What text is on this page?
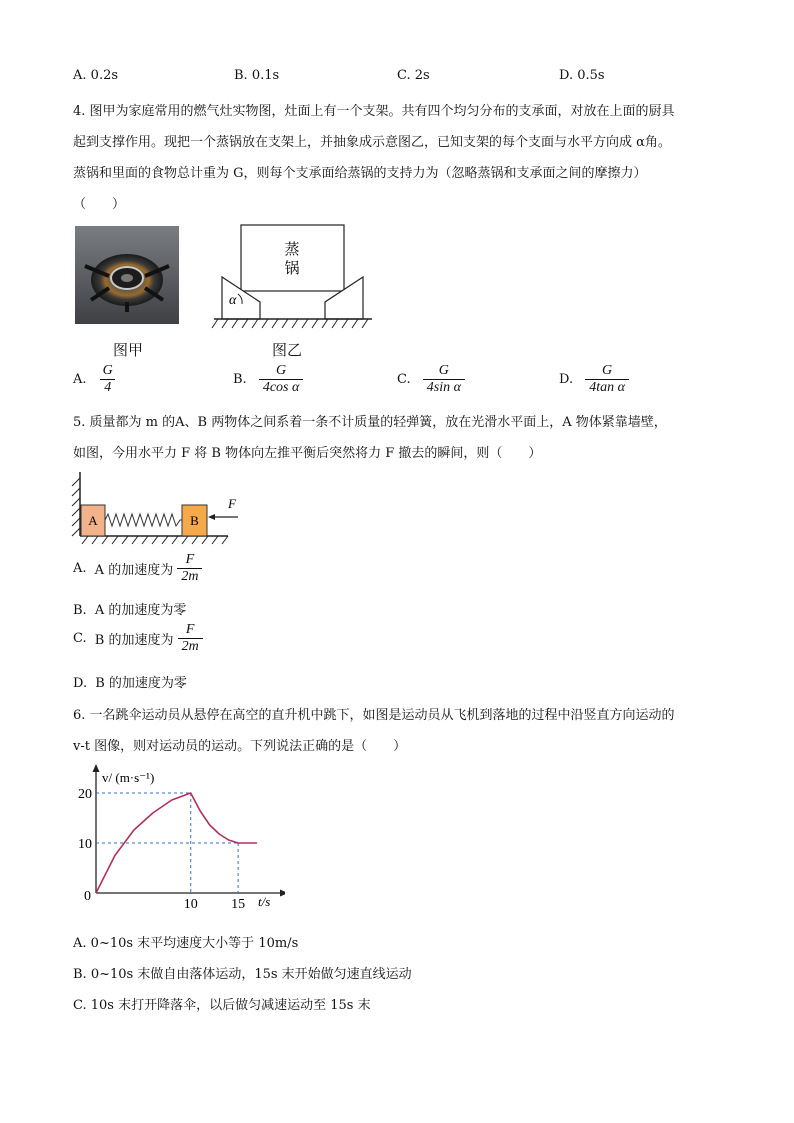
A. 0.2s	B. 0.1s	C. 2s	D. 0.5s
4. 图甲为家庭常用的燃气灶实物图，灶面上有一个支架。共有四个均匀分布的支承面，对放在上面的厨具
起到支撑作用。现把一个蒸锅放在支架上，并抽象成示意图乙，已知支架的每个支面与水平方向成 α角。
蒸锅和里面的食物总计重为 G，则每个支承面给蒸锅的支持力为（忽略蒸锅和支承面之间的摩擦力）
（　　）
图甲
蒸
锅
α
图乙
A. $\frac{G}{4}$	B. $\frac{G}{\text{4cos α}}$	C. $\frac{G}{\text{4sin α}}$	D. $\frac{G}{\text{4tan α}}$
5. 质量都为 m 的A、B 两物体之间系着一条不计质量的轻弹簧，放在光滑水平面上，A 物体紧靠墙壁，
如图，今用水平力 F 将 B 物体向左推平衡后突然将力 F 撤去的瞬间，则（　　）
A	B
F
A. A 的加速度为 $\frac{F}{2m}$
B. A 的加速度为零
C. B 的加速度为 $\frac{F}{2m}$
D. B 的加速度为零
6. 一名跳伞运动员从悬停在高空的直升机中跳下，如图是运动员从飞机到落地的过程中沿竖直方向运动的
v-t 图像，则对运动员的运动。下列说法正确的是（　　）
20
10
10 15
v/ (m·s⁻¹)
t/s
0
A. 0~10s 末平均速度大小等于 10m/s
B. 0~10s 末做自由落体运动，15s 末开始做匀速直线运动
C. 10s 末打开降落伞，以后做匀减速运动至 15s 末
